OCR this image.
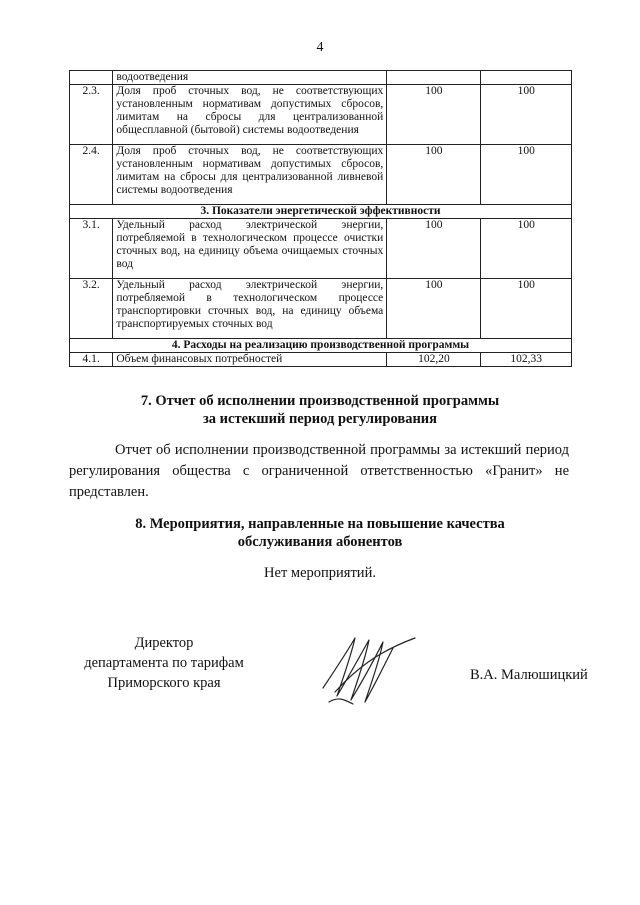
4
	водоотведения		
2.3.	Доля проб сточных вод, не соответствующих установленным нормативам допустимых сбросов, лимитам на сбросы для централизованной общесплавной (бытовой) системы водоотведения	100	100
2.4.	Доля проб сточных вод, не соответствующих установленным нормативам допустимых сбросов, лимитам на сбросы для централизованной ливневой системы водоотведения	100	100
3. Показатели энергетической эффективности			
3.1.	Удельный расход электрической энергии, потребляемой в технологическом процессе очистки сточных вод, на единицу объема очищаемых сточных вод	100	100
3.2.	Удельный расход электрической энергии, потребляемой в технологическом процессе транспортировки сточных вод, на единицу объема транспортируемых сточных вод	100	100
4. Расходы на реализацию производственной программы			
4.1.	Объем финансовых потребностей	102,20	102,33
7. Отчет об исполнении производственной программы
за истекший период регулирования
Отчет об исполнении производственной программы за истекший период регулирования общества с ограниченной ответственностью «Гранит» не представлен.
8. Мероприятия, направленные на повышение качества
обслуживания абонентов
Нет мероприятий.
Директор
департамента по тарифам
Приморского края	В.А. Малюшицкий
